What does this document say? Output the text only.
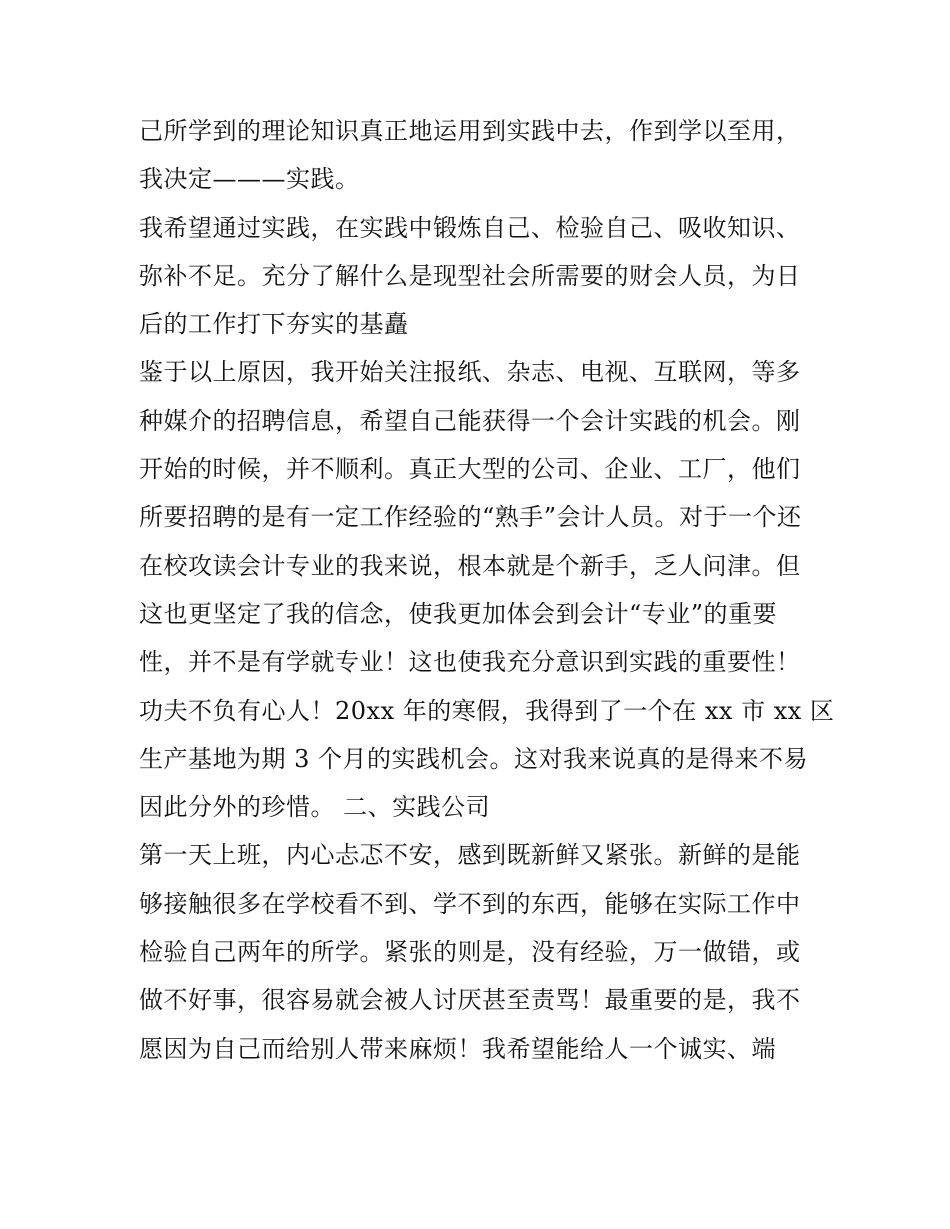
己所学到的理论知识真正地运用到实践中去，作到学以至用，
我决定———实践。
我希望通过实践，在实践中锻炼自己、检验自己、吸收知识、
弥补不足。充分了解什么是现型社会所需要的财会人员，为日
后的工作打下夯实的基矗
鉴于以上原因，我开始关注报纸、杂志、电视、互联网，等多
种媒介的招聘信息，希望自己能获得一个会计实践的机会。刚
开始的时候，并不顺利。真正大型的公司、企业、工厂，他们
所要招聘的是有一定工作经验的“熟手”会计人员。对于一个还
在校攻读会计专业的我来说，根本就是个新手，乏人问津。但
这也更坚定了我的信念，使我更加体会到会计“专业”的重要
性，并不是有学就专业！这也使我充分意识到实践的重要性！
功夫不负有心人！20xx 年的寒假，我得到了一个在 xx 市 xx 区
生产基地为期 3 个月的实践机会。这对我来说真的是得来不易
因此分外的珍惜。 二、实践公司
第一天上班，内心忐忑不安，感到既新鲜又紧张。新鲜的是能
够接触很多在学校看不到、学不到的东西，能够在实际工作中
检验自己两年的所学。紧张的则是，没有经验，万一做错，或
做不好事，很容易就会被人讨厌甚至责骂！最重要的是，我不
愿因为自己而给别人带来麻烦！我希望能给人一个诚实、端
